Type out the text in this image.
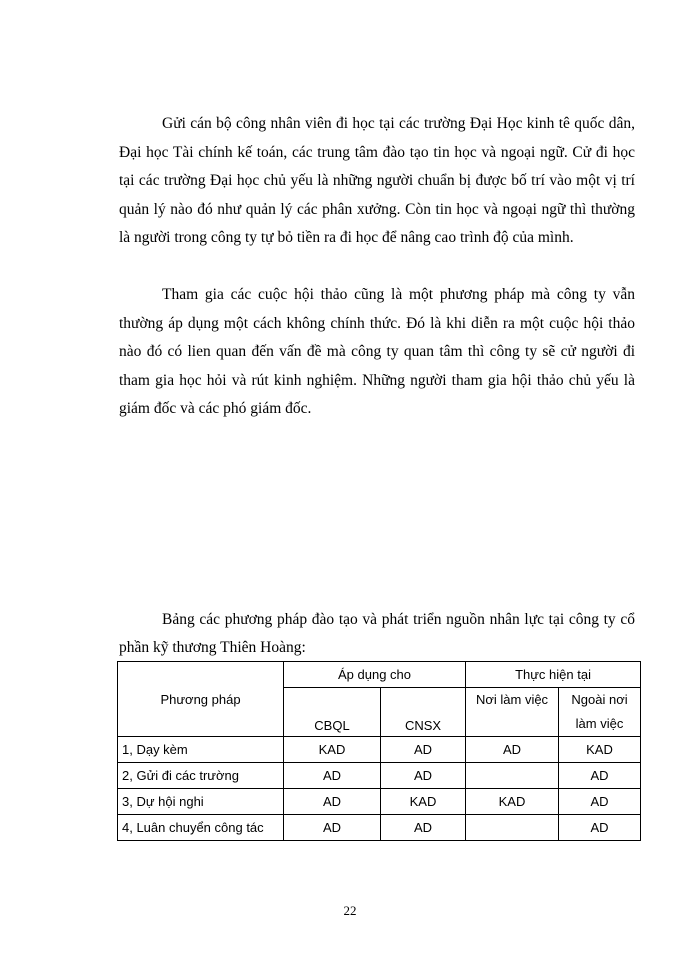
Gửi cán bộ công nhân viên đi học tại các trường Đại Học kinh tê quốc dân, Đại học Tài chính kế toán, các trung tâm đào tạo tin học và ngoại ngữ. Cử đi học tại các trường Đại học chủ yếu là những người chuẩn bị được bố trí vào một vị trí quản lý nào đó như quản lý các phân xưởng. Còn tin học và ngoại ngữ thì thường là người trong công ty tự bỏ tiền ra đi học để nâng cao trình độ của mình.

Tham gia các cuộc hội thảo cũng là một phương pháp mà công ty vẫn thường áp dụng một cách không chính thức. Đó là khi diễn ra một cuộc hội thảo nào đó có lien quan đến vấn đề mà công ty quan tâm thì công ty sẽ cử người đi tham gia học hỏi và rút kinh nghiệm. Những người tham gia hội thảo chủ yếu là giám đốc và các phó giám đốc.

Bảng các phương pháp đào tạo và phát triển nguồn nhân lực tại công ty cổ phần kỹ thương Thiên Hoàng:

Phương pháp	Áp dụng cho		Thực hiện tại	
	CBQL	CNSX	Nơi làm việc	Ngoài nơi làm việc

1, Dạy kèm	KAD	AD	AD	KAD
2, Gửi đi các trường	AD	AD		AD
3, Dự hội nghi	AD	KAD	KAD	AD
4, Luân chuyển công tác	AD	AD		AD
22
